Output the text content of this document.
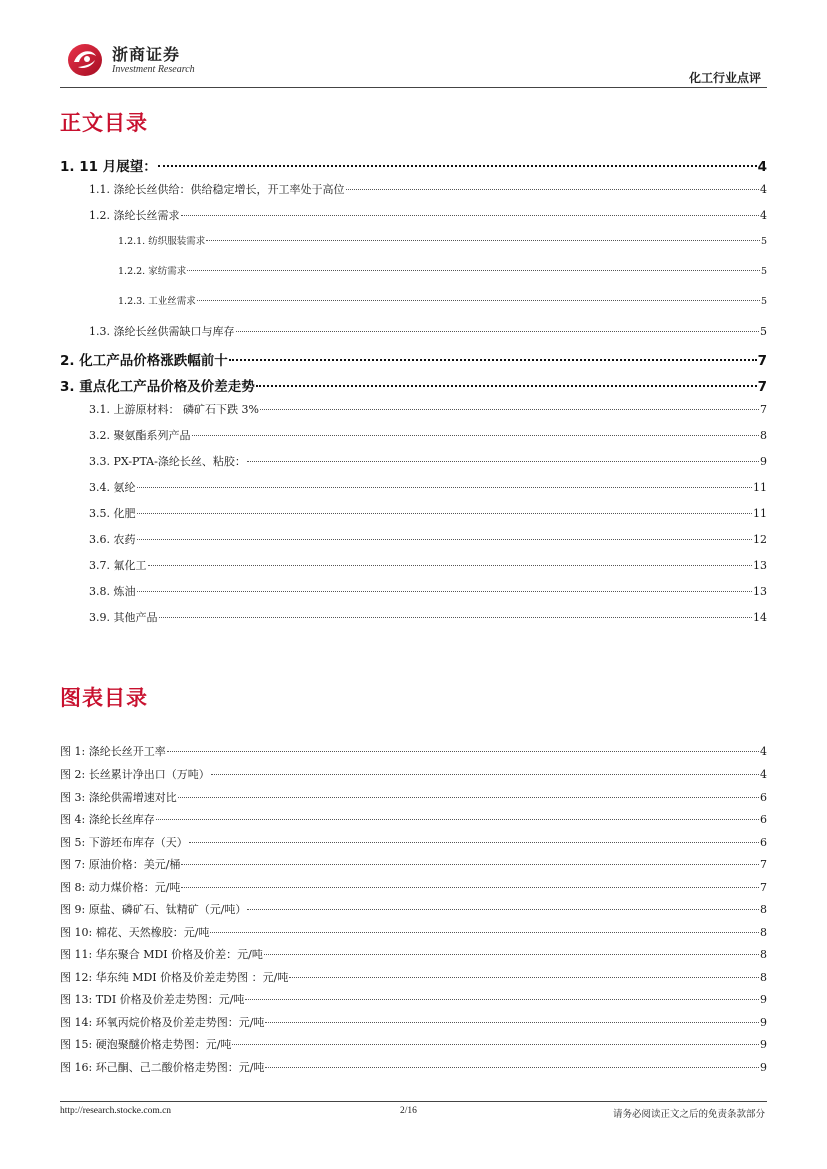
浙商证券
Investment Research
化工行业点评
正文目录
1. 11 月展望：	4
1.1. 涤纶长丝供给：供给稳定增长，开工率处于高位	4
1.2. 涤纶长丝需求	4
1.2.1. 纺织服装需求	5
1.2.2. 家纺需求	5
1.2.3. 工业丝需求	5
1.3. 涤纶长丝供需缺口与库存	5
2. 化工产品价格涨跌幅前十	7
3. 重点化工产品价格及价差走势	7
3.1. 上游原材料： 磷矿石下跌 3%	7
3.2. 聚氨酯系列产品	8
3.3. PX-PTA-涤纶长丝、粘胶：	9
3.4. 氨纶	11
3.5. 化肥	11
3.6. 农药	12
3.7. 氟化工	13
3.8. 炼油	13
3.9. 其他产品	14
图表目录
图 1: 涤纶长丝开工率	4
图 2: 长丝累计净出口（万吨）	4
图 3: 涤纶供需增速对比	6
图 4: 涤纶长丝库存	6
图 5: 下游坯布库存（天）	6
图 7: 原油价格：美元/桶	7
图 8: 动力煤价格：元/吨	7
图 9: 原盐、磷矿石、钛精矿（元/吨）	8
图 10: 棉花、天然橡胶：元/吨	8
图 11: 华东聚合 MDI 价格及价差：元/吨	8
图 12: 华东纯 MDI 价格及价差走势图 ：元/吨	8
图 13: TDI 价格及价差走势图：元/吨	9
图 14: 环氧丙烷价格及价差走势图：元/吨	9
图 15: 硬泡聚醚价格走势图：元/吨	9
图 16: 环己酮、己二酸价格走势图：元/吨	9
http://research.stocke.com.cn	2/16	请务必阅读正文之后的免责条款部分
